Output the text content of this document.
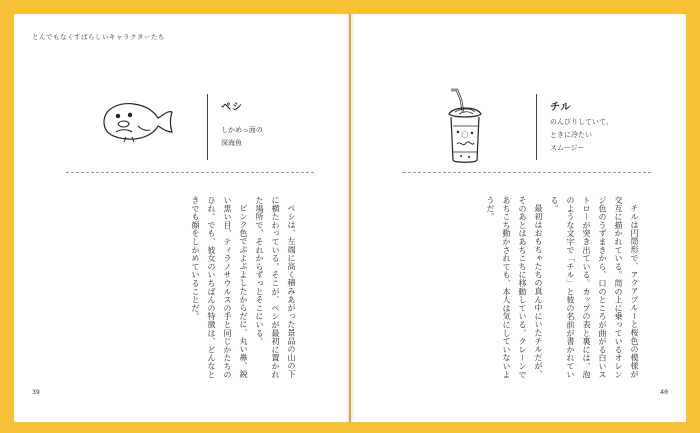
とんでもなくすばらしいキャラクターたち
ペシ
しかめっ面の
深海魚

ペシは、左端に高く積みあがった景品の山の下に横たわっている。そこが、ペシが最初に置かれた場所で、それからずっとそこにいる。

ピンク色でぷよぷよしたからだに、丸い鼻、鋭い黒い目、ティラノサウルスの手と同じかたちのひれ。でも、彼女のいちばんの特徴は、どんなときでも顔をしかめていることだ。

39
〇
チル
のんびりしていて、
ときに冷たい
スムージー

チルは円筒形で、アクアブルーと桜色の模様が交互に描かれている。筒の上に乗っているオレンジ色のうずまきから、口のところが曲がる白いストローが突き出ている。カップの表と裏には、泡のような文字で「チル」と彼の名前が書かれている。

最初はおもちゃたちの真ん中にいたチルだが、そのあとはあちこちに移動している。クレーンであちこち動かされても、本人は気にしていないようだ。

40
